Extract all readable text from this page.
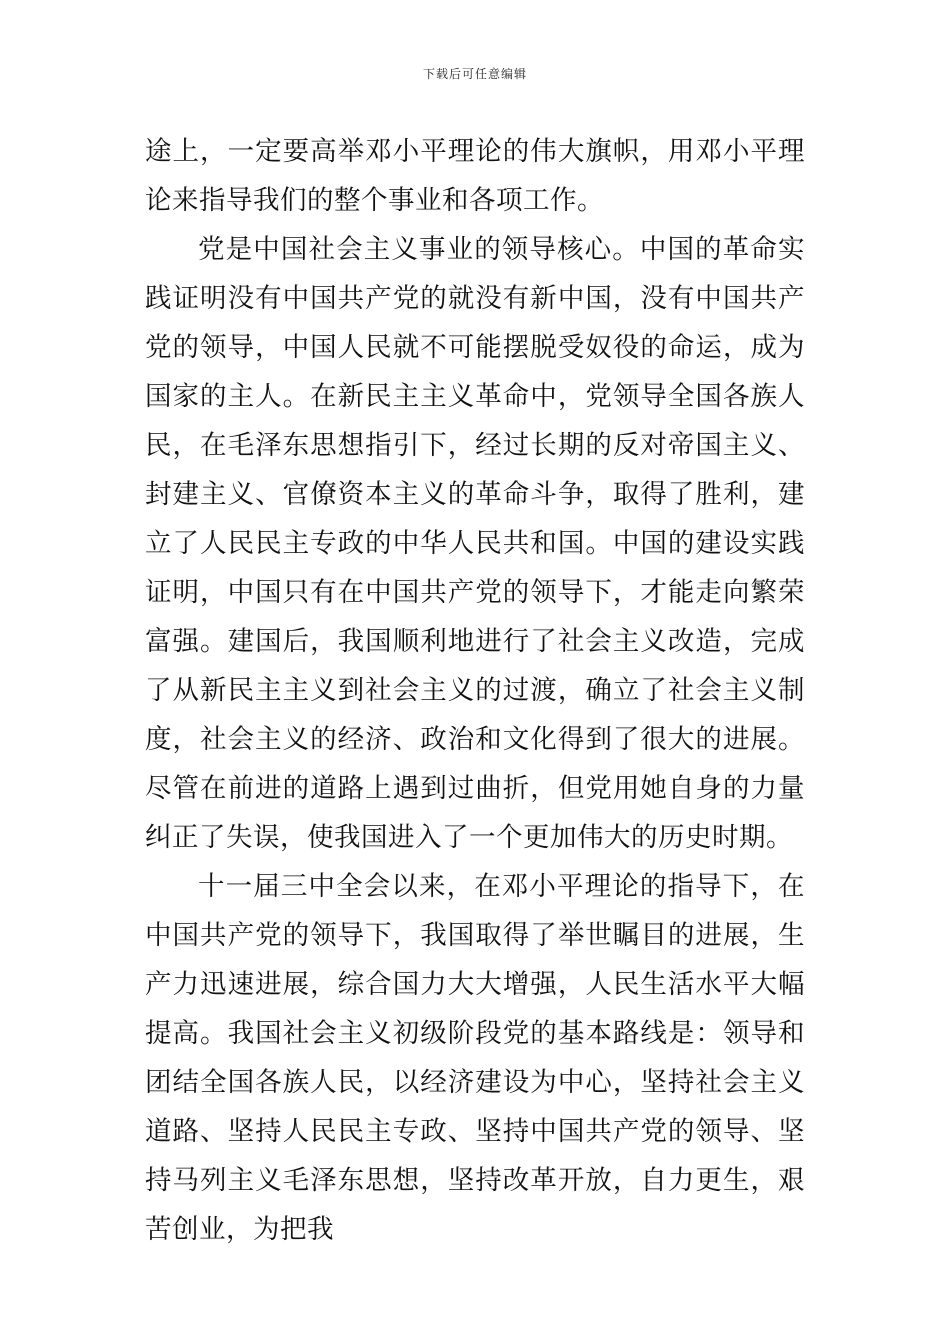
下载后可任意编辑

途上，一定要高举邓小平理论的伟大旗帜，用邓小平理论来指导我们的整个事业和各项工作。

党是中国社会主义事业的领导核心。中国的革命实践证明没有中国共产党的就没有新中国，没有中国共产党的领导，中国人民就不可能摆脱受奴役的命运，成为国家的主人。在新民主主义革命中，党领导全国各族人民，在毛泽东思想指引下，经过长期的反对帝国主义、封建主义、官僚资本主义的革命斗争，取得了胜利，建立了人民民主专政的中华人民共和国。中国的建设实践证明，中国只有在中国共产党的领导下，才能走向繁荣富强。建国后，我国顺利地进行了社会主义改造，完成了从新民主主义到社会主义的过渡，确立了社会主义制度，社会主义的经济、政治和文化得到了很大的进展。尽管在前进的道路上遇到过曲折，但党用她自身的力量纠正了失误，使我国进入了一个更加伟大的历史时期。

十一届三中全会以来，在邓小平理论的指导下，在中国共产党的领导下，我国取得了举世瞩目的进展，生产力迅速进展，综合国力大大增强，人民生活水平大幅提高。我国社会主义初级阶段党的基本路线是：领导和团结全国各族人民，以经济建设为中心，坚持社会主义道路、坚持人民民主专政、坚持中国共产党的领导、坚持马列主义毛泽东思想，坚持改革开放，自力更生，艰苦创业，为把我
